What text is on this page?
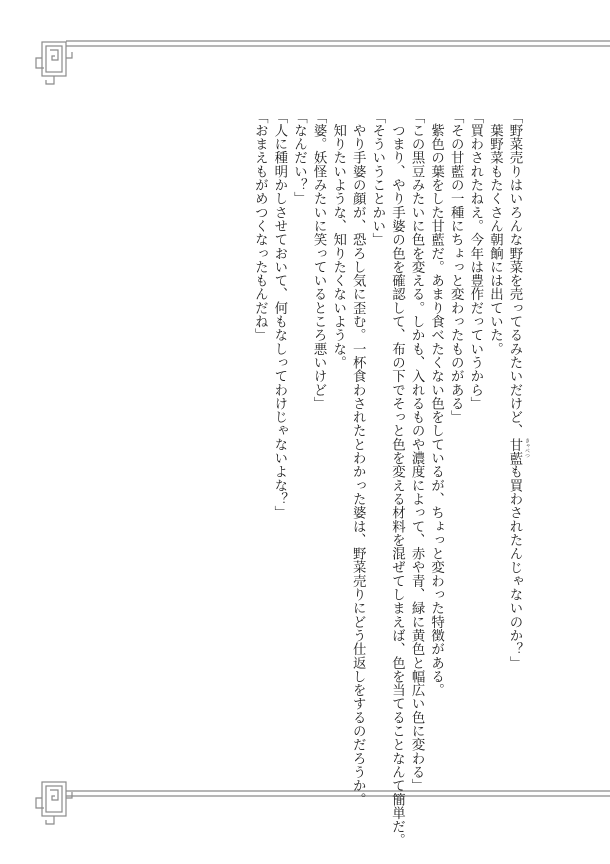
「野菜売りはいろんな野菜を売ってるみたいだけど、甘藍 きゃべつ
も買わされたんじゃないのか？」
　葉野菜もたくさん朝餉には出ていた。
「買わされたねえ。今年は豊作だっていうから」
「その甘藍の一種にちょっと変わったものがある」
　紫色の葉をした甘藍だ。あまり食べたくない色をしているが、ちょっと変わった特徴がある。
「この黒豆みたいに色を変える。しかも、入れるものや濃度によって、赤や青、緑に黄色と幅広い色に変わる」
　つまり、やり手婆の色を確認して、布の下でそっと色を変える材料を混ぜてしまえば、色を当てることなんて簡単だ。
「そういうことかい」
　やり手婆の顔が、恐ろし気に歪む。一杯食わされたとわかった婆は、野菜売りにどう仕返しをするのだろうか。
　知りたいような、知りたくないような。
「婆。妖怪みたいに笑っているところ悪いけど」
「なんだい？」
「人に種明かしさせておいて、何もなしってわけじゃないよな？」
「おまえもがめつくなったもんだね」
